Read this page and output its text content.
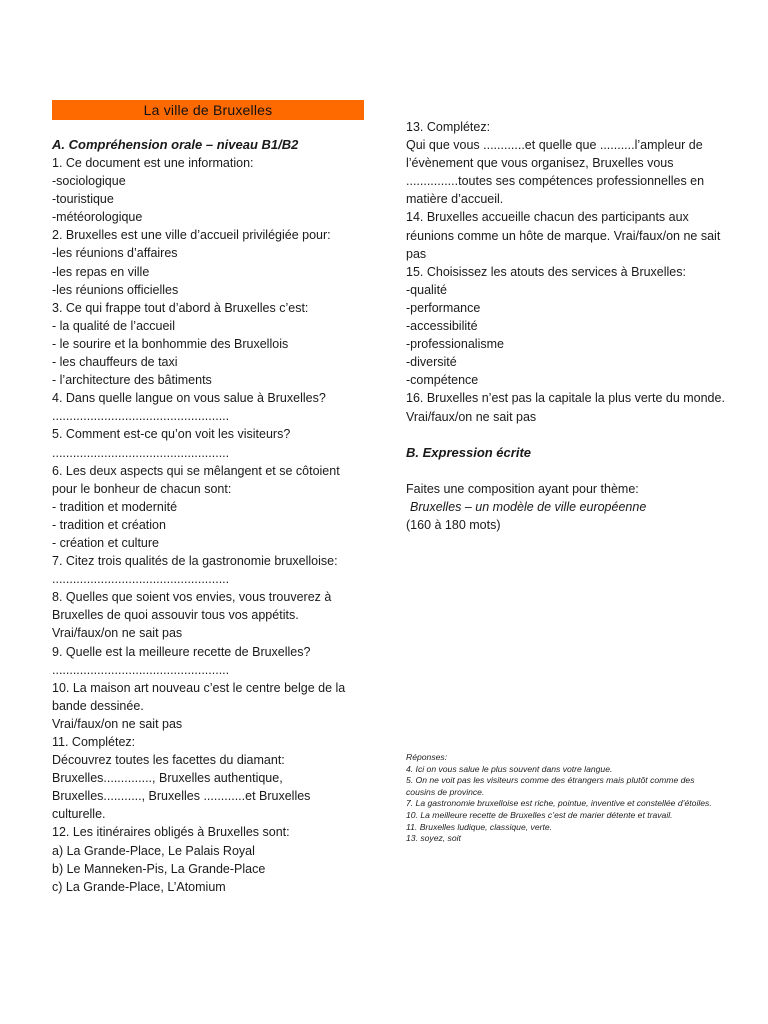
La ville de Bruxelles
A. Compréhension orale – niveau B1/B2
1. Ce document est une information:
-sociologique
-touristique
-météorologique
2. Bruxelles est une ville d’accueil privilégiée pour:
-les réunions d’affaires
-les repas en ville
-les réunions officielles
3. Ce qui frappe tout d’abord à Bruxelles c’est:
- la qualité de l’accueil
- le sourire et la bonhommie des Bruxellois
- les chauffeurs de taxi
- l’architecture des bâtiments
4. Dans quelle langue on vous salue à Bruxelles?
...................................................
5. Comment est-ce qu’on voit les visiteurs?
...................................................
6. Les deux aspects qui se mêlangent et se côtoient pour le bonheur de chacun sont:
- tradition et modernité
- tradition et création
- création et culture
7. Citez trois qualités de la gastronomie bruxelloise:
...................................................
8. Quelles que soient vos envies, vous trouverez à Bruxelles de quoi assouvir tous vos appétits.
Vrai/faux/on ne sait pas
9. Quelle est la meilleure recette de Bruxelles?
...................................................
10. La maison art nouveau c’est le centre belge de la bande dessinée.
Vrai/faux/on ne sait pas
11. Complétez:
Découvrez toutes les facettes du diamant:
Bruxelles.............., Bruxelles authentique,
Bruxelles..........., Bruxelles ............et Bruxelles culturelle.
12. Les itinéraires obligés à Bruxelles sont:
a) La Grande-Place, Le Palais Royal
b) Le Manneken-Pis, La Grande-Place
c) La Grande-Place, L’Atomium
13. Complétez:
Qui que vous ............et quelle que ..........l’ampleur de l’évènement que vous organisez, Bruxelles vous ...............toutes ses compétences professionnelles en matière d’accueil.
14. Bruxelles accueille chacun des participants aux réunions comme un hôte de marque. Vrai/faux/on ne sait pas
15. Choisissez les atouts des services à Bruxelles:
-qualité
-performance
-accessibilité
-professionalisme
-diversité
-compétence
16. Bruxelles n’est pas la capitale la plus verte du monde.
Vrai/faux/on ne sait pas
B. Expression écrite
Faites une composition ayant pour thème:
Bruxelles – un modèle de ville européenne
(160 à 180 mots)
Réponses:
4. Ici on vous salue le plus souvent dans votre langue.
5. On ne voit pas les visiteurs comme des étrangers mais plutôt comme des cousins de province.
7. La gastronomie bruxelloise est riche, pointue, inventive et constellée d’étoiles.
10. La meilleure recette de Bruxelles c’est de marier détente et travail.
11. Bruxelles ludique, classique, verte.
13. soyez, soit
